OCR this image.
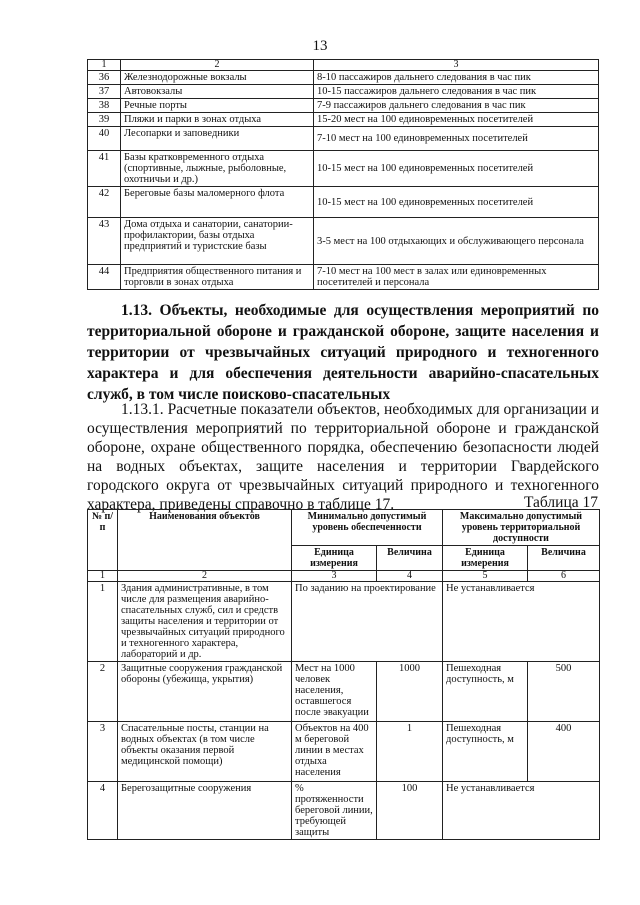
13
1	2	3
36	Железнодорожные вокзалы	8-10 пассажиров дальнего следования в час пик
37	Автовокзалы	10-15 пассажиров дальнего следования в час пик
38	Речные порты	7-9 пассажиров дальнего следования в час пик
39	Пляжи и парки в зонах отдыха	15-20 мест на 100 единовременных посетителей
40	Лесопарки и заповедники	7-10 мест на 100 единовременных посетителей
41	Базы кратковременного отдыха (спортивные, лыжные, рыболовные, охотничьи и др.)	10-15 мест на 100 единовременных посетителей
42	Береговые базы маломерного флота	10-15 мест на 100 единовременных посетителей
43	Дома отдыха и санатории, санатории-профилактории, базы отдыха предприятий и туристские базы	3-5 мест на 100 отдыхающих и обслуживающего персонала
44	Предприятия общественного питания и торговли в зонах отдыха	7-10 мест на 100 мест в залах или единовременных посетителей и персонала

1.13. Объекты, необходимые для осуществления мероприятий по территориальной обороне и гражданской обороне, защите населения и территории от чрезвычайных ситуаций природного и техногенного характера и для обеспечения деятельности аварийно-спасательных служб, в том числе поисково-спасательных

1.13.1. Расчетные показатели объектов, необходимых для организации и осуществления мероприятий по территориальной обороне и гражданской обороне, охране общественного порядка, обеспечению безопасности людей на водных объектах, защите населения и территории Гвардейского городского округа от чрезвычайных ситуаций природного и техногенного характера, приведены справочно в таблице 17.	Таблица 17
№ п/п	Наименования объектов	Минимально допустимый уровень обеспеченности		Максимально допустимый уровень территориальной доступности	
		Единица измерения	Величина	Единица измерения	Величина
1	2	3	4	5	6
1	Здания административные, в том числе для размещения аварийно-спасательных служб, сил и средств защиты населения и территории от чрезвычайных ситуаций природного и техногенного характера, лабораторий и др.	По заданию на проектирование		Не устанавливается	
2	Защитные сооружения гражданской обороны (убежища, укрытия)	Мест на 1000 человек населения, оставшегося после эвакуации	1000	Пешеходная доступность, м	500
3	Спасательные посты, станции на водных объектах (в том числе объекты оказания первой медицинской помощи)	Объектов на 400 м береговой линии в местах отдыха населения	1	Пешеходная доступность, м	400
4	Берегозащитные сооружения	% протяженности береговой линии, требующей защиты	100	Не устанавливается	
